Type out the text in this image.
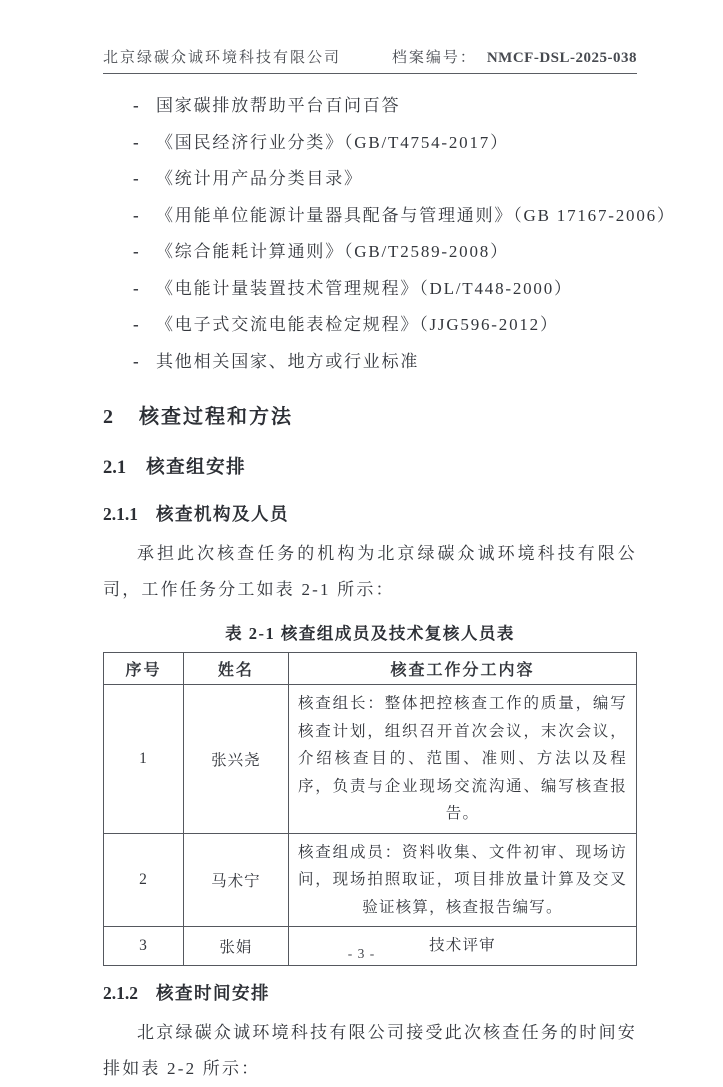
北京绿碳众诚环境科技有限公司	档案编号： NMCF-DSL-2025-038
-	国家碳排放帮助平台百问百答
-	《国民经济行业分类》（GB/T4754-2017）
-	《统计用产品分类目录》
-	《用能单位能源计量器具配备与管理通则》（GB 17167-2006）
-	《综合能耗计算通则》（GB/T2589-2008）
-	《电能计量装置技术管理规程》（DL/T448-2000）
-	《电子式交流电能表检定规程》（JJG596-2012）
-	其他相关国家、地方或行业标准
2 核查过程和方法
2.1 核查组安排
2.1.1 核查机构及人员

承担此次核查任务的机构为北京绿碳众诚环境科技有限公司，工作任务分工如表 2-1 所示：

表 2-1 核查组成员及技术复核人员表
序号	姓名	核查工作分工内容
1	张兴尧	核查组长：整体把控核查工作的质量，编写核查计划，组织召开首次会议，末次会议，介绍核查目的、范围、准则、方法以及程序，负责与企业现场交流沟通、编写核查报告。
2	马术宁	核查组成员：资料收集、文件初审、现场访问，现场拍照取证，项目排放量计算及交叉验证核算，核查报告编写。
3	张娟	技术评审
2.1.2 核查时间安排

北京绿碳众诚环境科技有限公司接受此次核查任务的时间安排如表 2-2 所示：

- 3 -
